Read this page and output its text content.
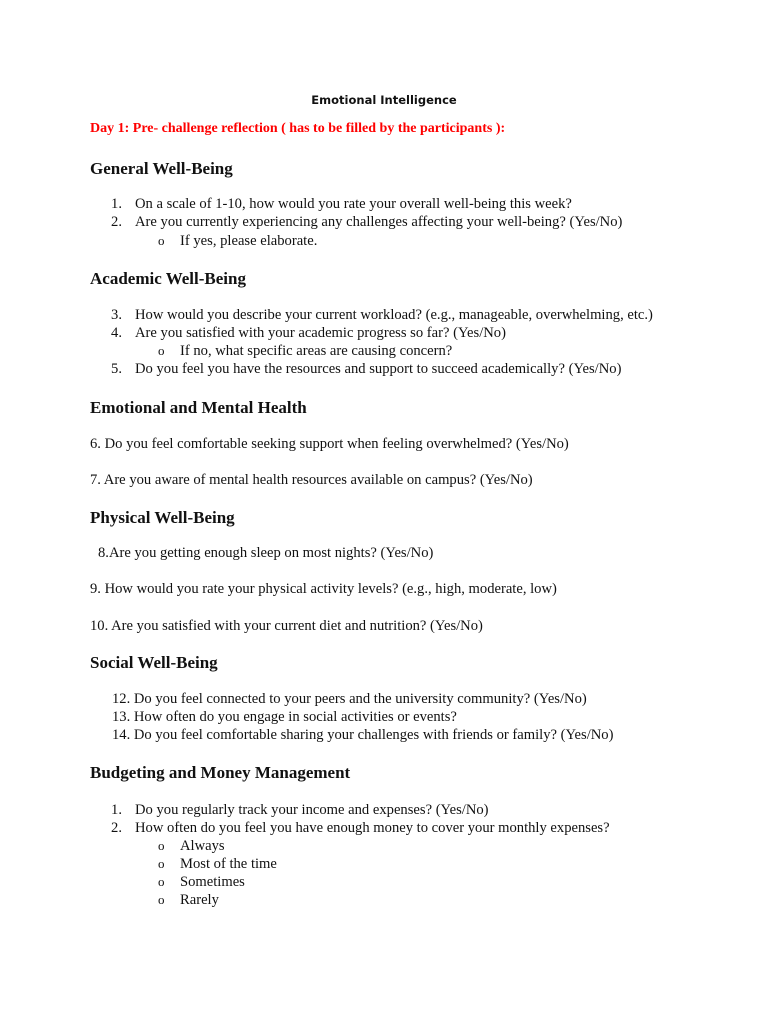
Emotional Intelligence
Day 1: Pre- challenge reflection ( has to be filled by the participants ):
General Well-Being
1. On a scale of 1-10, how would you rate your overall well-being this week?
2. Are you currently experiencing any challenges affecting your well-being? (Yes/No)
o If yes, please elaborate.
Academic Well-Being
3. How would you describe your current workload? (e.g., manageable, overwhelming, etc.)
4. Are you satisfied with your academic progress so far? (Yes/No)
o If no, what specific areas are causing concern?
5. Do you feel you have the resources and support to succeed academically? (Yes/No)
Emotional and Mental Health
6. Do you feel comfortable seeking support when feeling overwhelmed? (Yes/No)
7. Are you aware of mental health resources available on campus? (Yes/No)
Physical Well-Being
8.Are you getting enough sleep on most nights? (Yes/No)
9. How would you rate your physical activity levels? (e.g., high, moderate, low)
10. Are you satisfied with your current diet and nutrition? (Yes/No)
Social Well-Being
12. Do you feel connected to your peers and the university community? (Yes/No)
13. How often do you engage in social activities or events?
14. Do you feel comfortable sharing your challenges with friends or family? (Yes/No)
Budgeting and Money Management
1. Do you regularly track your income and expenses? (Yes/No)
2. How often do you feel you have enough money to cover your monthly expenses?
o Always
o Most of the time
o Sometimes
o Rarely
